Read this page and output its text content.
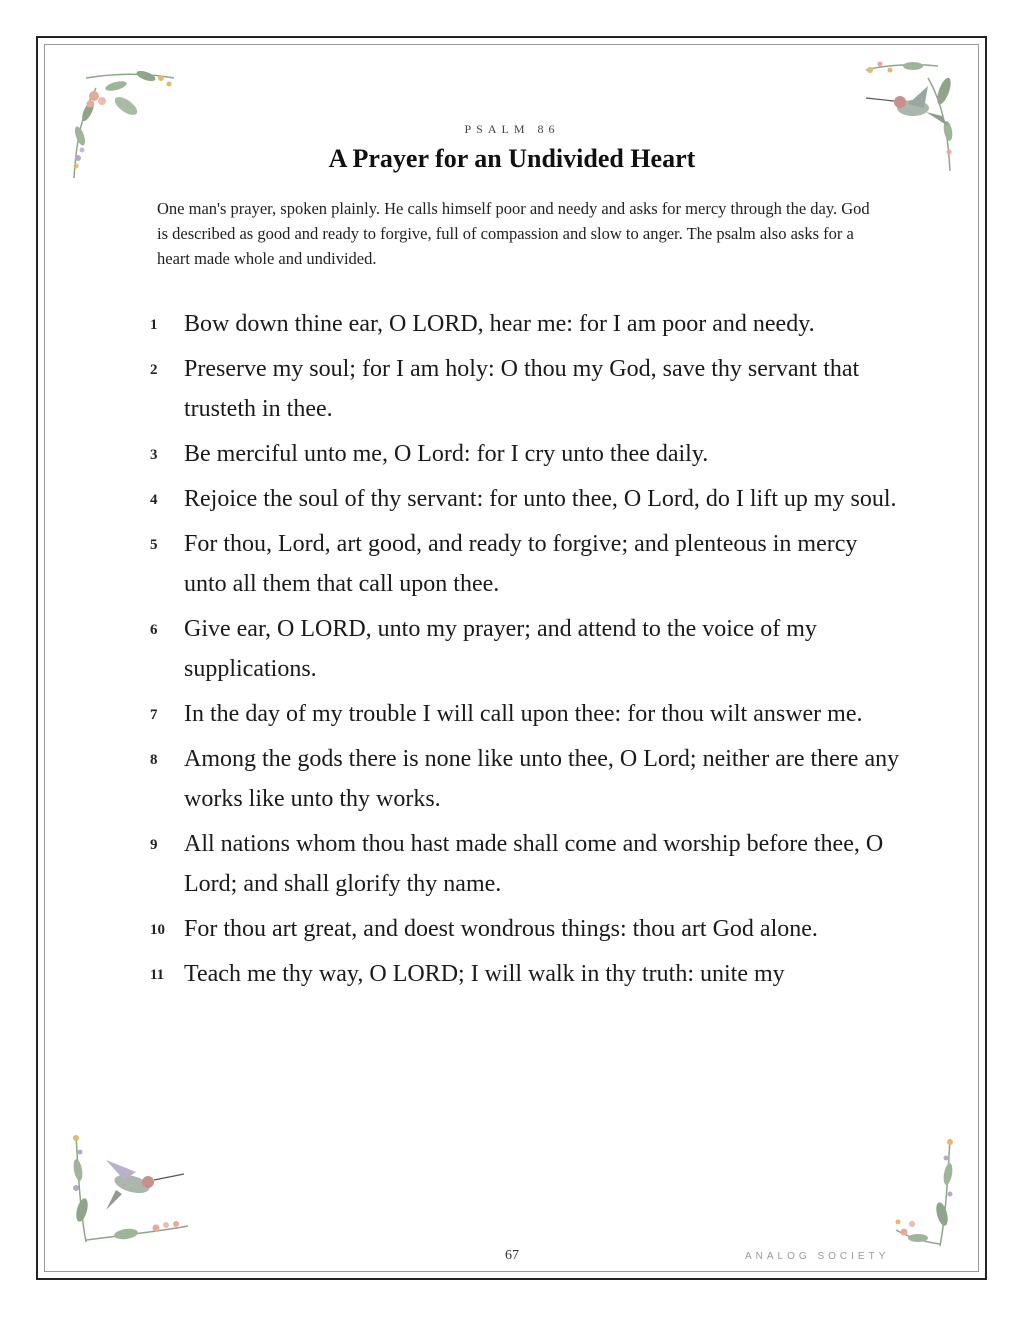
PSALM 86
A Prayer for an Undivided Heart

One man's prayer, spoken plainly. He calls himself poor and needy and asks for mercy through the day. God is described as good and ready to forgive, full of compassion and slow to anger. The psalm also asks for a heart made whole and undivided.

1 Bow down thine ear, O LORD, hear me: for I am poor and needy.
2 Preserve my soul; for I am holy: O thou my God, save thy servant that trusteth in thee.
3 Be merciful unto me, O Lord: for I cry unto thee daily.
4 Rejoice the soul of thy servant: for unto thee, O Lord, do I lift up my soul.
5 For thou, Lord, art good, and ready to forgive; and plenteous in mercy unto all them that call upon thee.
6 Give ear, O LORD, unto my prayer; and attend to the voice of my supplications.
7 In the day of my trouble I will call upon thee: for thou wilt answer me.
8 Among the gods there is none like unto thee, O Lord; neither are there any works like unto thy works.
9 All nations whom thou hast made shall come and worship before thee, O Lord; and shall glorify thy name.
10 For thou art great, and doest wondrous things: thou art God alone.
11 Teach me thy way, O LORD; I will walk in thy truth: unite my
67	ANALOG SOCIETY
